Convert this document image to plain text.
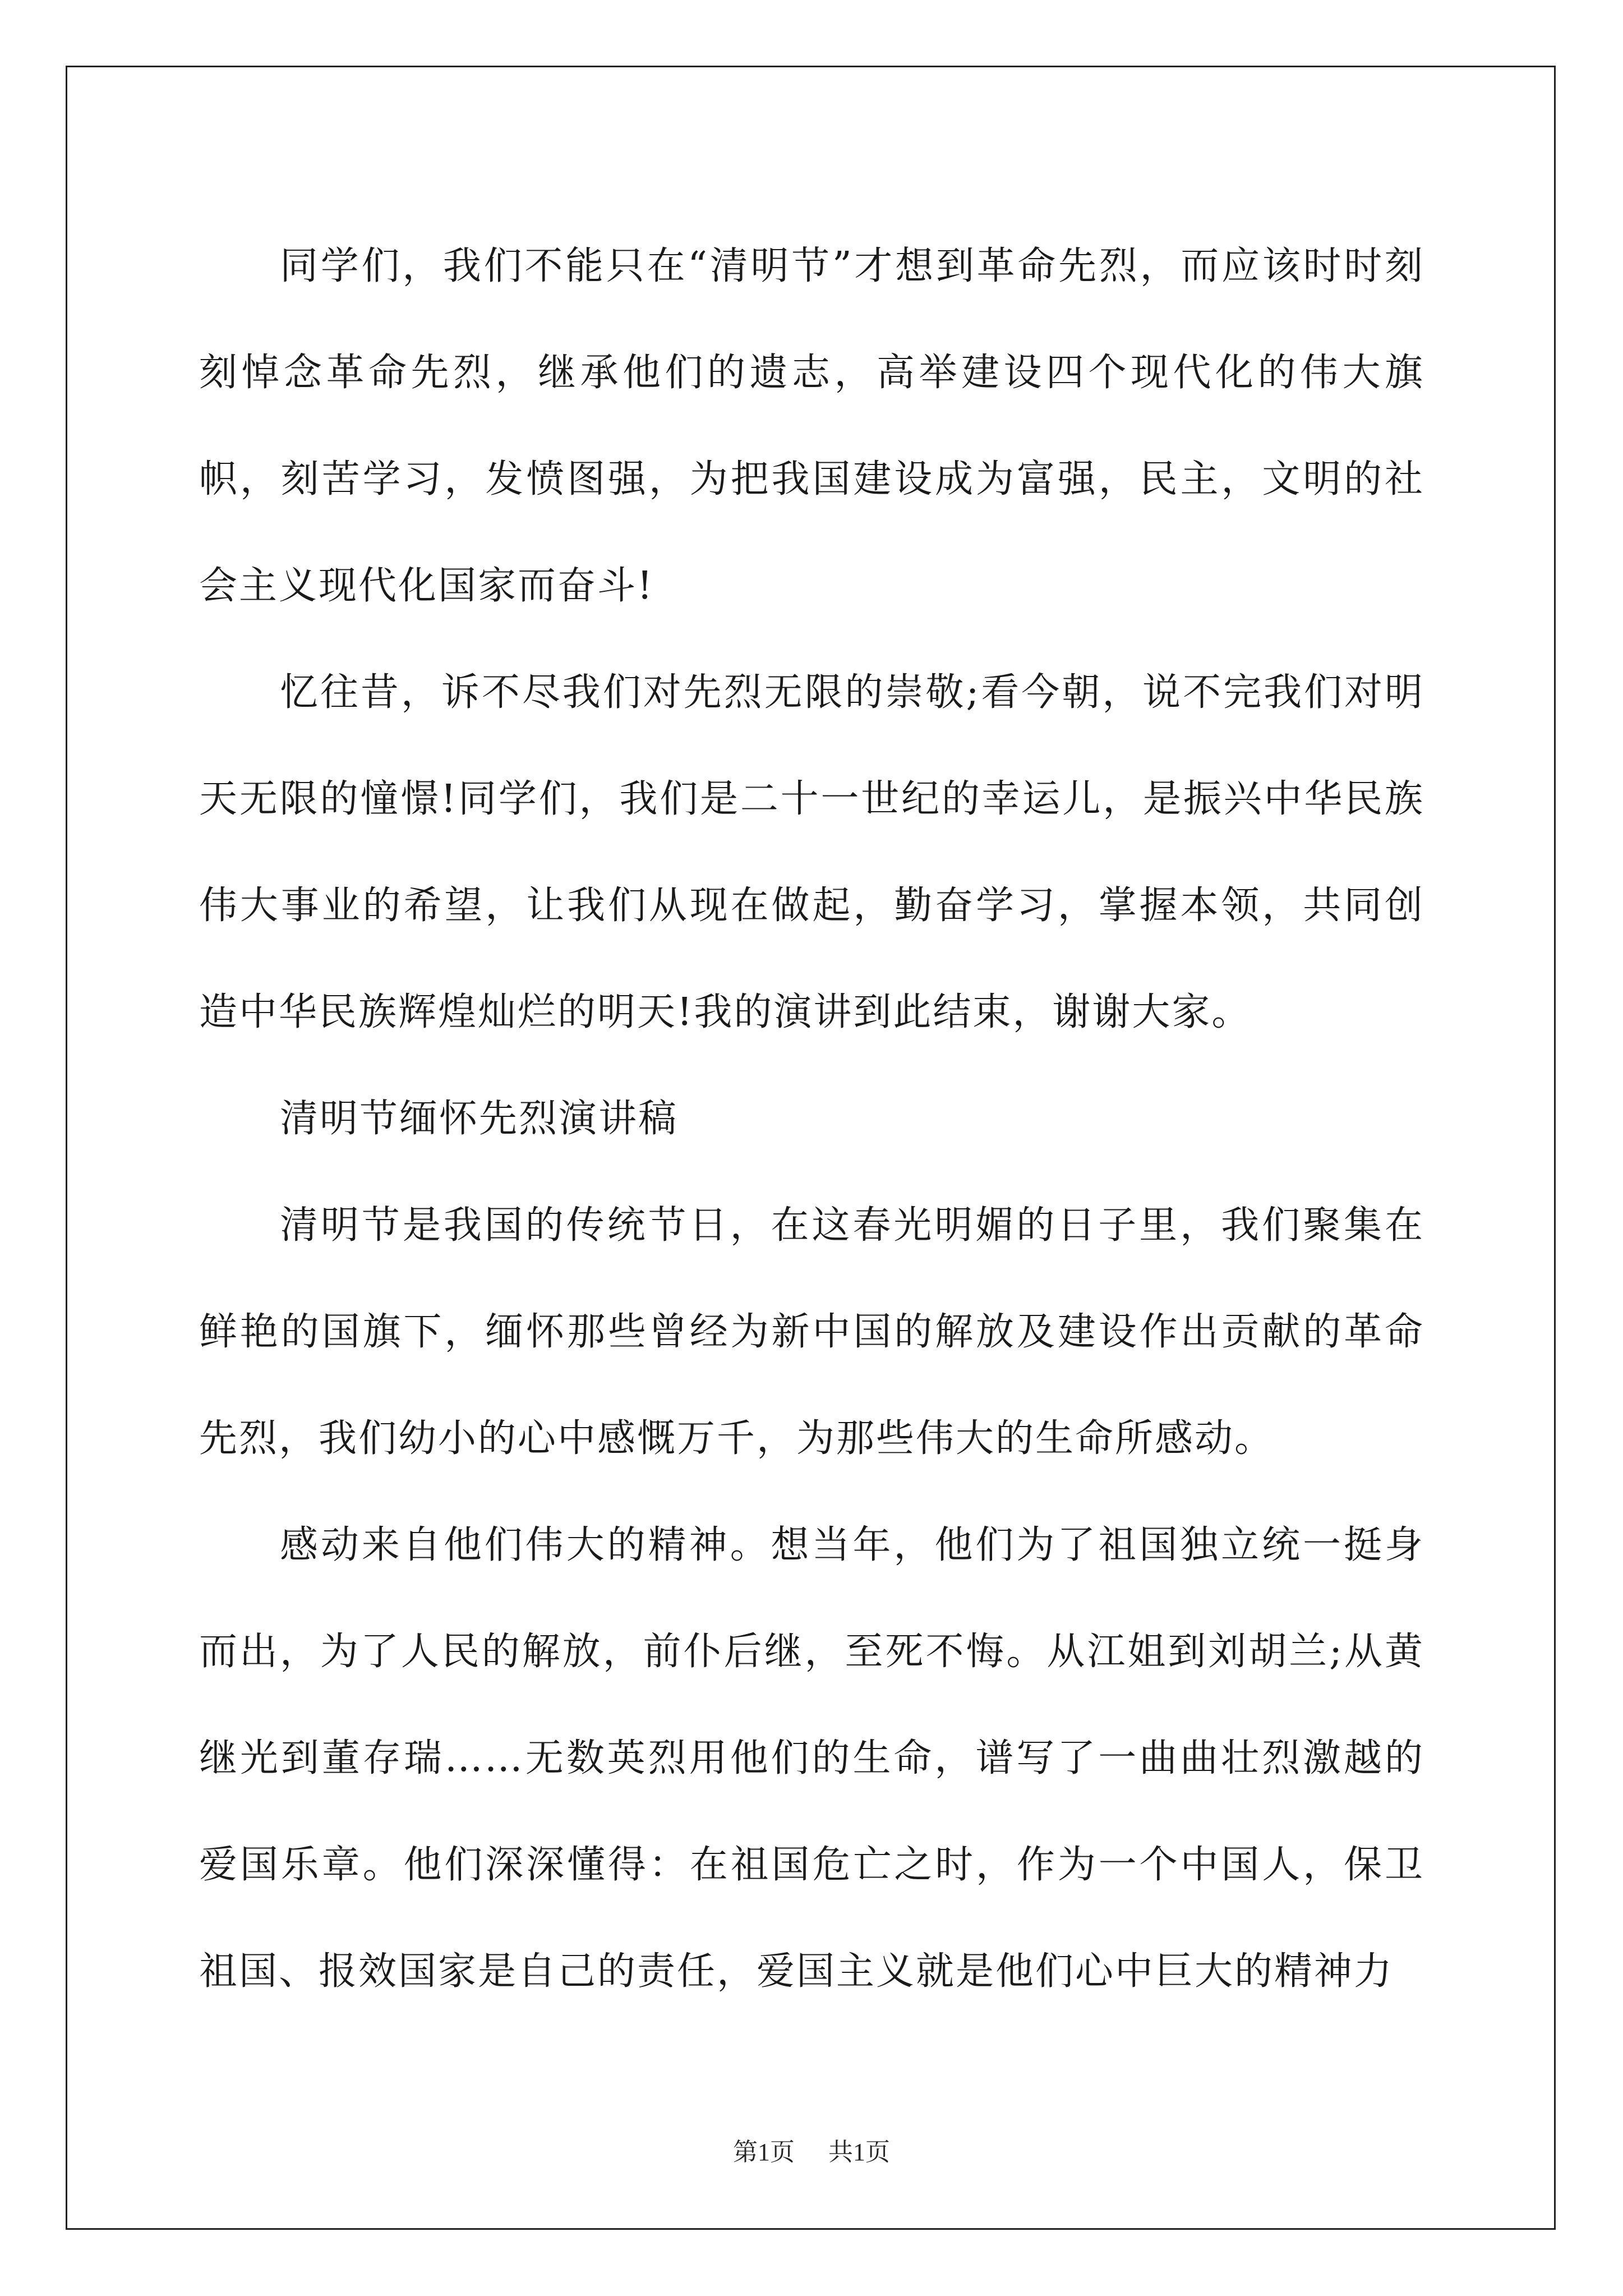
同学们，我们不能只在“清明节”才想到革命先烈，而应该时时刻刻悼念革命先烈，继承他们的遗志，高举建设四个现代化的伟大旗帜，刻苦学习，发愤图强，为把我国建设成为富强，民主，文明的社会主义现代化国家而奋斗!

忆往昔，诉不尽我们对先烈无限的崇敬;看今朝，说不完我们对明天无限的憧憬!同学们，我们是二十一世纪的幸运儿，是振兴中华民族伟大事业的希望，让我们从现在做起，勤奋学习，掌握本领，共同创造中华民族辉煌灿烂的明天!我的演讲到此结束，谢谢大家。

清明节缅怀先烈演讲稿

清明节是我国的传统节日，在这春光明媚的日子里，我们聚集在鲜艳的国旗下，缅怀那些曾经为新中国的解放及建设作出贡献的革命先烈，我们幼小的心中感慨万千，为那些伟大的生命所感动。

感动来自他们伟大的精神。想当年，他们为了祖国独立统一挺身而出，为了人民的解放，前仆后继，至死不悔。从江姐到刘胡兰;从黄继光到董存瑞……无数英烈用他们的生命，谱写了一曲曲壮烈激越的爱国乐章。他们深深懂得：在祖国危亡之时，作为一个中国人，保卫祖国、报效国家是自己的责任，爱国主义就是他们心中巨大的精神力

第1页 共1页
